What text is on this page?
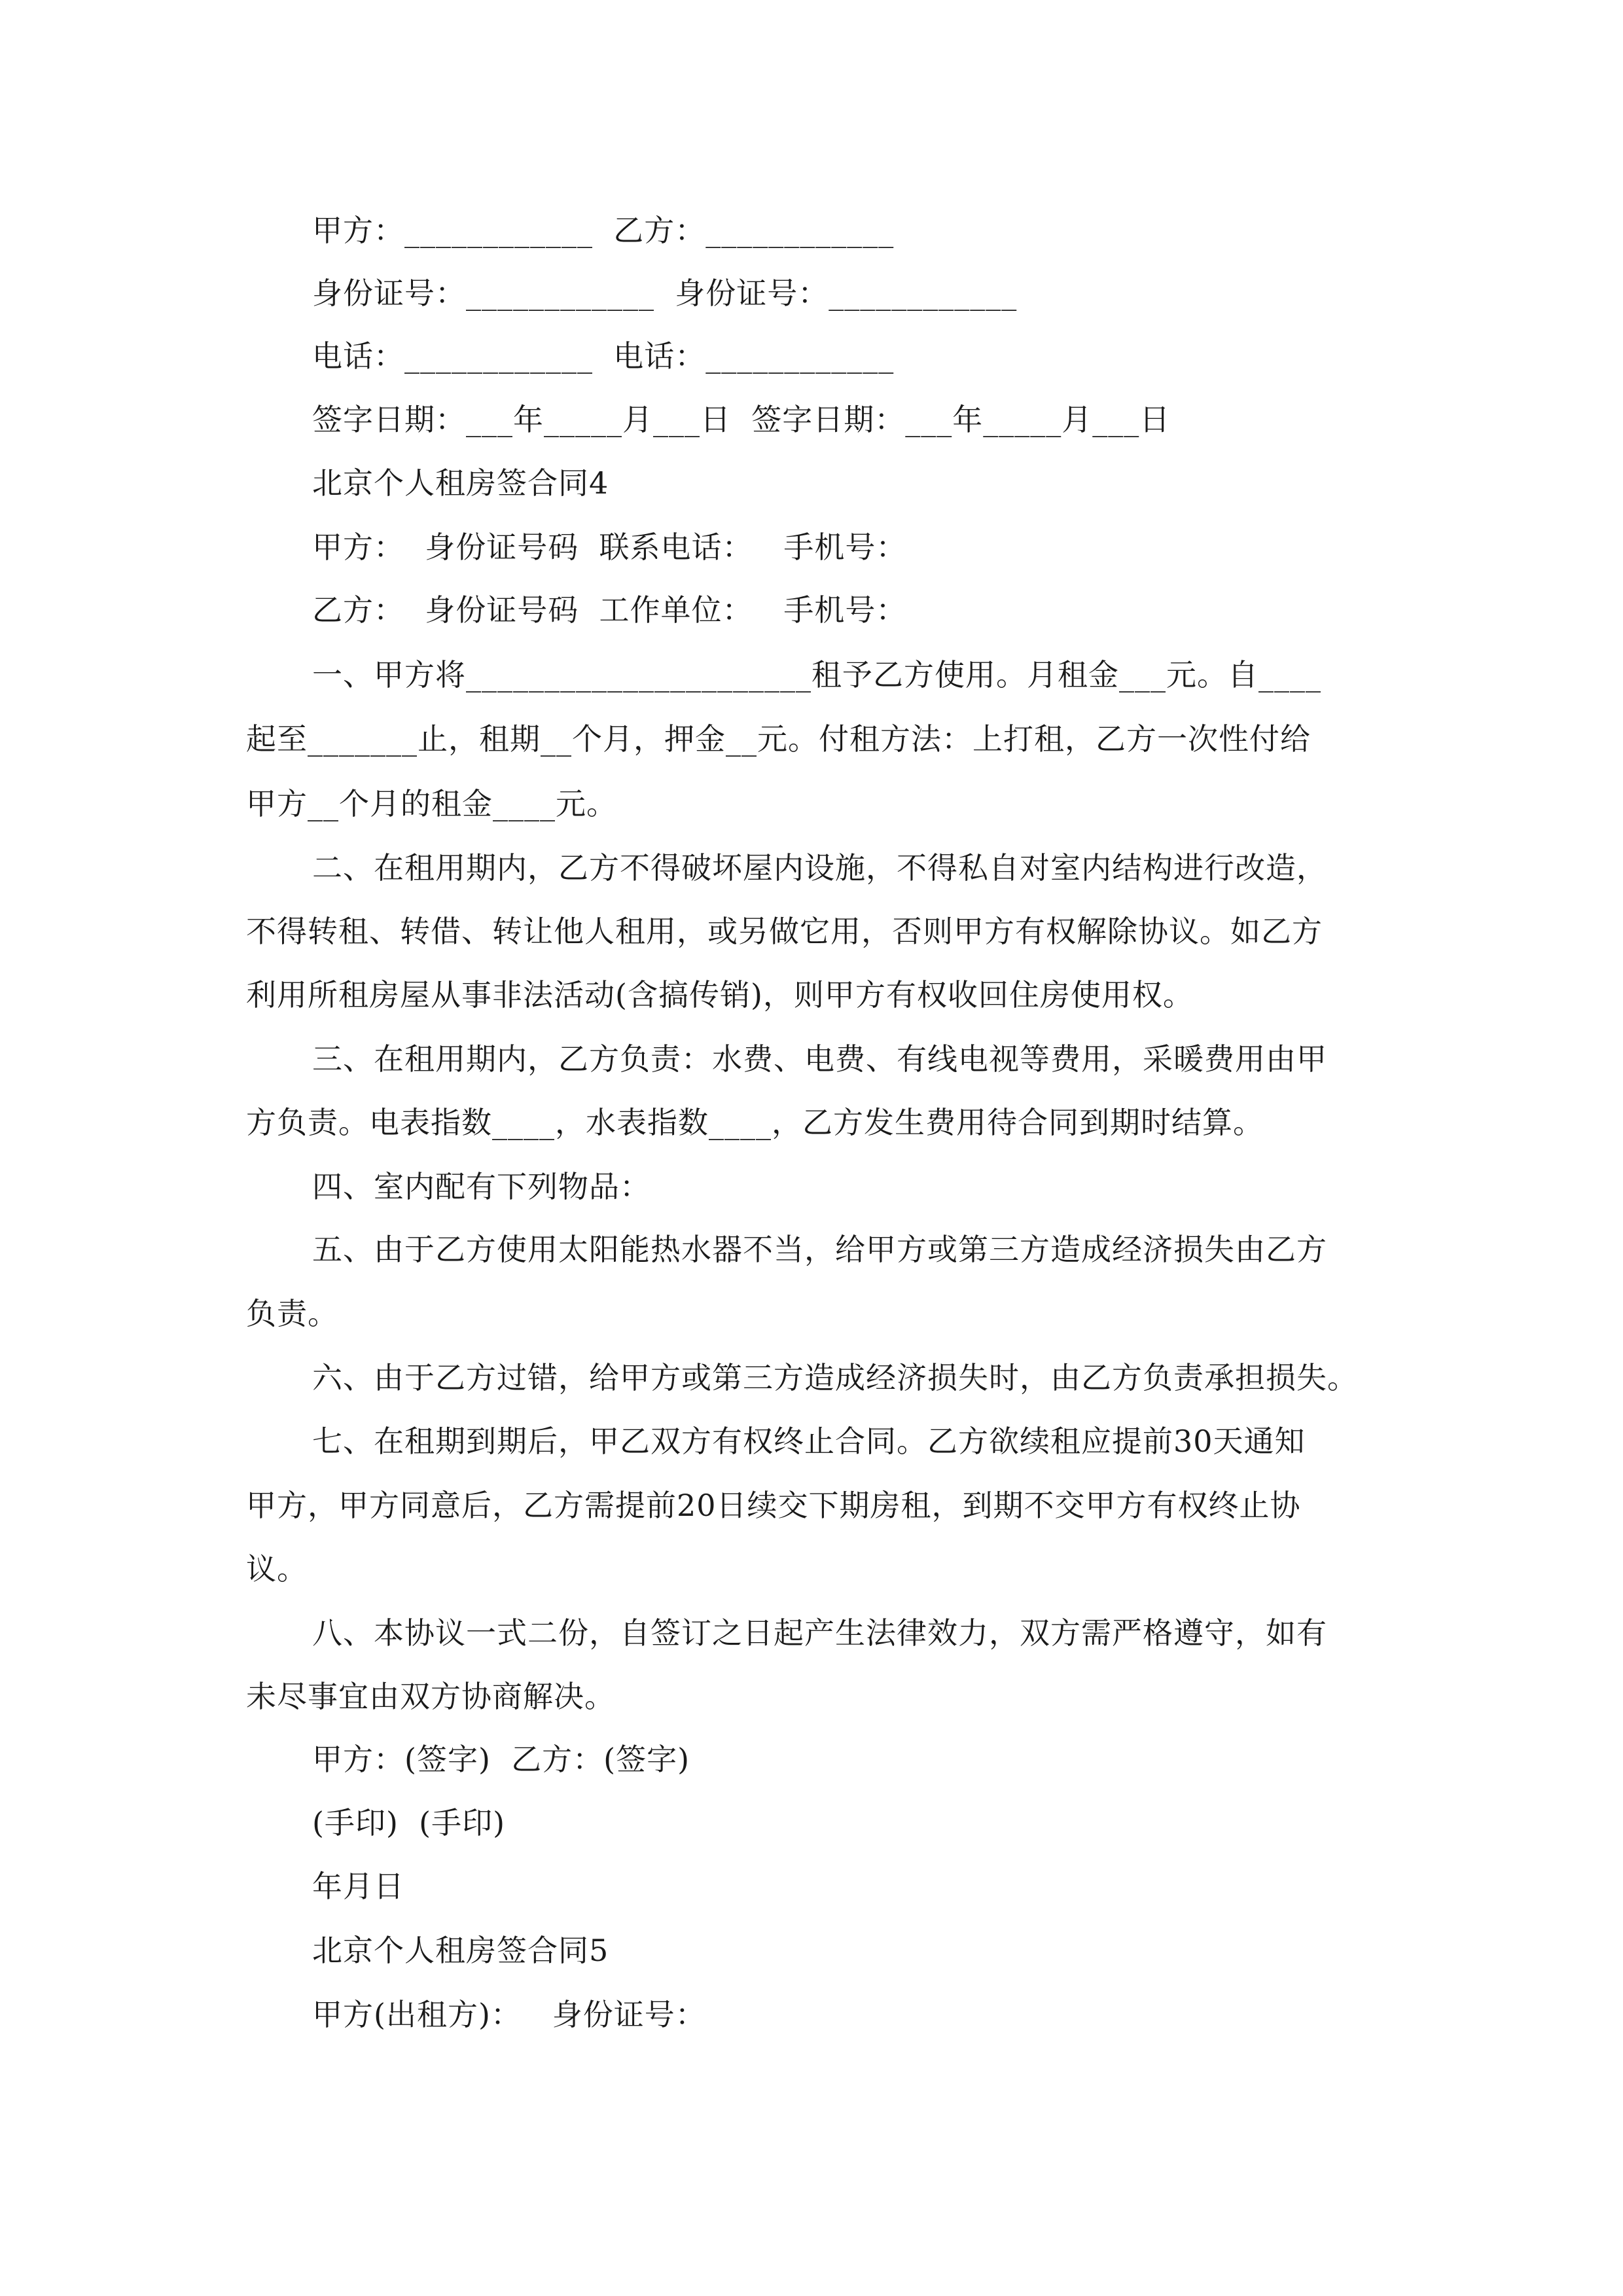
甲方：____________  乙方：____________
身份证号：____________  身份证号：____________
电话：____________  电话：____________
签字日期：___年_____月___日  签字日期：___年_____月___日
北京个人租房签合同4
甲方：  身份证号码  联系电话：   手机号：
乙方：  身份证号码  工作单位：   手机号：
一、甲方将______________________租予乙方使用。月租金___元。自____
起至_______止，租期__个月，押金__元。付租方法：上打租，乙方一次性付给
甲方__个月的租金____元。
二、在租用期内，乙方不得破坏屋内设施，不得私自对室内结构进行改造，
不得转租、转借、转让他人租用，或另做它用，否则甲方有权解除协议。如乙方
利用所租房屋从事非法活动(含搞传销)，则甲方有权收回住房使用权。
三、在租用期内，乙方负责：水费、电费、有线电视等费用，采暖费用由甲
方负责。电表指数____，水表指数____，乙方发生费用待合同到期时结算。
四、室内配有下列物品：
五、由于乙方使用太阳能热水器不当，给甲方或第三方造成经济损失由乙方
负责。
六、由于乙方过错，给甲方或第三方造成经济损失时，由乙方负责承担损失。
七、在租期到期后，甲乙双方有权终止合同。乙方欲续租应提前30天通知
甲方，甲方同意后，乙方需提前20日续交下期房租，到期不交甲方有权终止协
议。
八、本协议一式二份，自签订之日起产生法律效力，双方需严格遵守，如有
未尽事宜由双方协商解决。
甲方：(签字)  乙方：(签字)
(手印)  (手印)
年月日
北京个人租房签合同5
甲方(出租方)：   身份证号：
